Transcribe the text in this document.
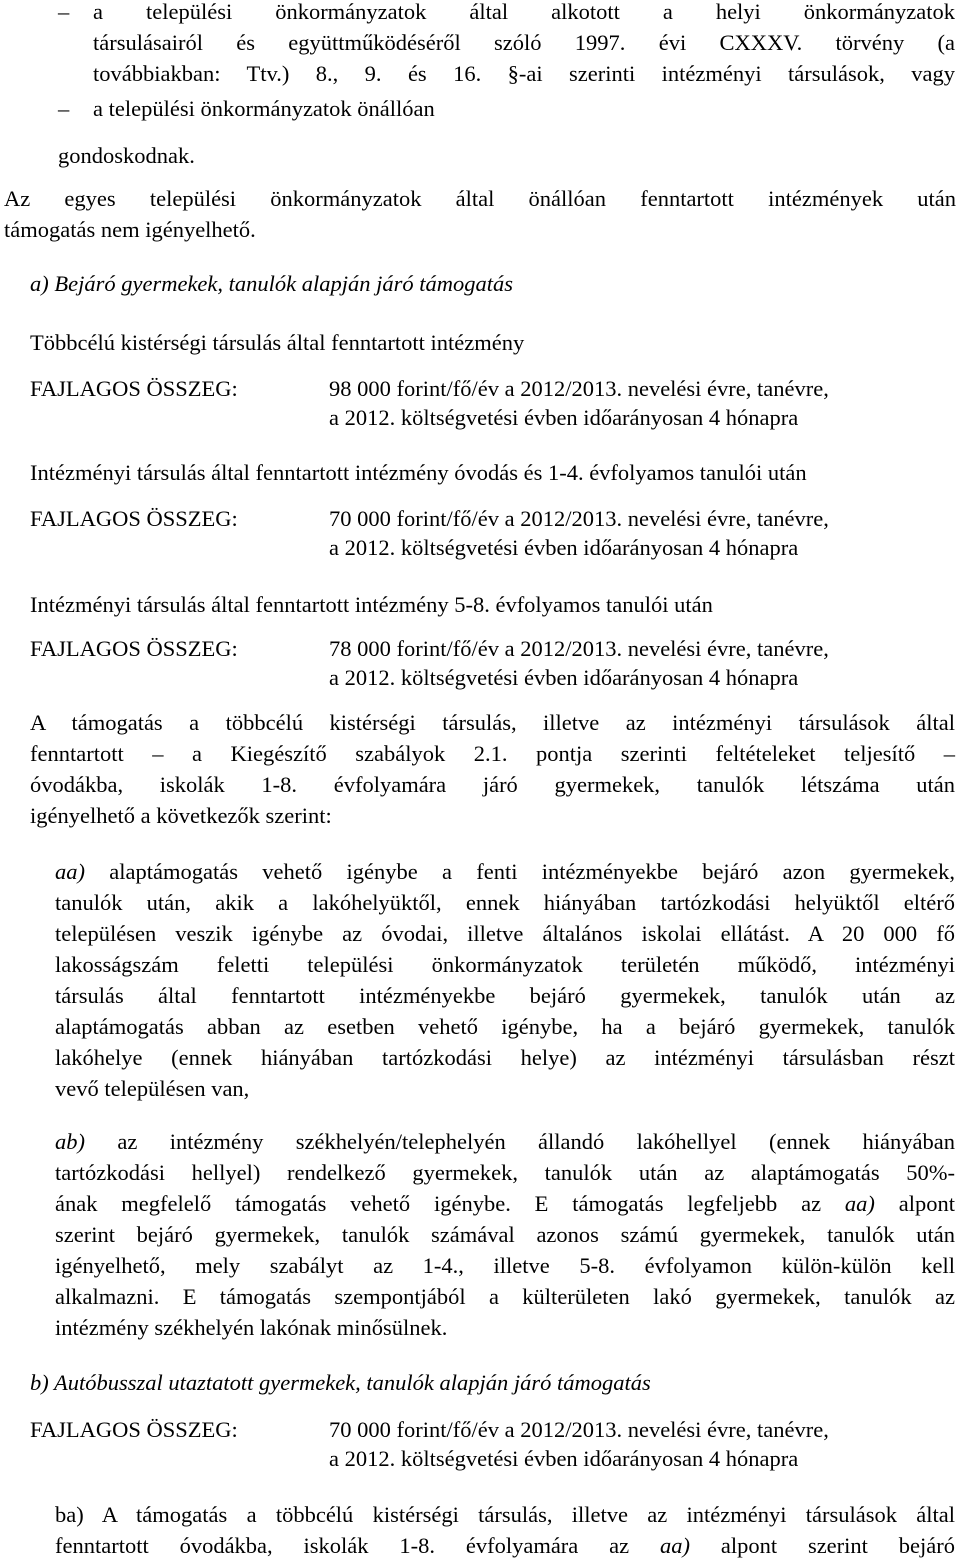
– a települési önkormányzatok által alkotott a helyi önkormányzatok
társulásairól és együttműködéséről szóló 1997. évi CXXXV. törvény (a
továbbiakban: Ttv.) 8., 9. és 16. §-ai szerinti intézményi társulások, vagy
– a települési önkormányzatok önállóan
gondoskodnak.
Az egyes települési önkormányzatok által önállóan fenntartott intézmények után
támogatás nem igényelhető.
a) Bejáró gyermekek, tanulók alapján járó támogatás
Többcélú kistérségi társulás által fenntartott intézmény
FAJLAGOS ÖSSZEG:	98 000 forint/fő/év a 2012/2013. nevelési évre, tanévre,
a 2012. költségvetési évben időarányosan 4 hónapra
Intézményi társulás által fenntartott intézmény óvodás és 1-4. évfolyamos tanulói után
FAJLAGOS ÖSSZEG:	70 000 forint/fő/év a 2012/2013. nevelési évre, tanévre,
a 2012. költségvetési évben időarányosan 4 hónapra
Intézményi társulás által fenntartott intézmény 5-8. évfolyamos tanulói után
FAJLAGOS ÖSSZEG:	78 000 forint/fő/év a 2012/2013. nevelési évre, tanévre,
a 2012. költségvetési évben időarányosan 4 hónapra
A támogatás a többcélú kistérségi társulás, illetve az intézményi társulások által
fenntartott – a Kiegészítő szabályok 2.1. pontja szerinti feltételeket teljesítő –
óvodákba, iskolák 1-8. évfolyamára járó gyermekek, tanulók létszáma után
igényelhető a következők szerint:
aa) alaptámogatás vehető igénybe a fenti intézményekbe bejáró azon gyermekek,
tanulók után, akik a lakóhelyüktől, ennek hiányában tartózkodási helyüktől eltérő
településen veszik igénybe az óvodai, illetve általános iskolai ellátást. A 20 000 fő
lakosságszám feletti települési önkormányzatok területén működő, intézményi
társulás által fenntartott intézményekbe bejáró gyermekek, tanulók után az
alaptámogatás abban az esetben vehető igénybe, ha a bejáró gyermekek, tanulók
lakóhelye (ennek hiányában tartózkodási helye) az intézményi társulásban részt
vevő településen van,
ab) az intézmény székhelyén/telephelyén állandó lakóhellyel (ennek hiányában
tartózkodási hellyel) rendelkező gyermekek, tanulók után az alaptámogatás 50%-
ának megfelelő támogatás vehető igénybe. E támogatás legfeljebb az aa) alpont
szerint bejáró gyermekek, tanulók számával azonos számú gyermekek, tanulók után
igényelhető, mely szabályt az 1-4., illetve 5-8. évfolyamon külön-külön kell
alkalmazni. E támogatás szempontjából a külterületen lakó gyermekek, tanulók az
intézmény székhelyén lakónak minősülnek.
b) Autóbusszal utaztatott gyermekek, tanulók alapján járó támogatás
FAJLAGOS ÖSSZEG:	70 000 forint/fő/év a 2012/2013. nevelési évre, tanévre,
a 2012. költségvetési évben időarányosan 4 hónapra
ba) A támogatás a többcélú kistérségi társulás, illetve az intézményi társulások által
fenntartott óvodákba, iskolák 1-8. évfolyamára az aa) alpont szerint bejáró
